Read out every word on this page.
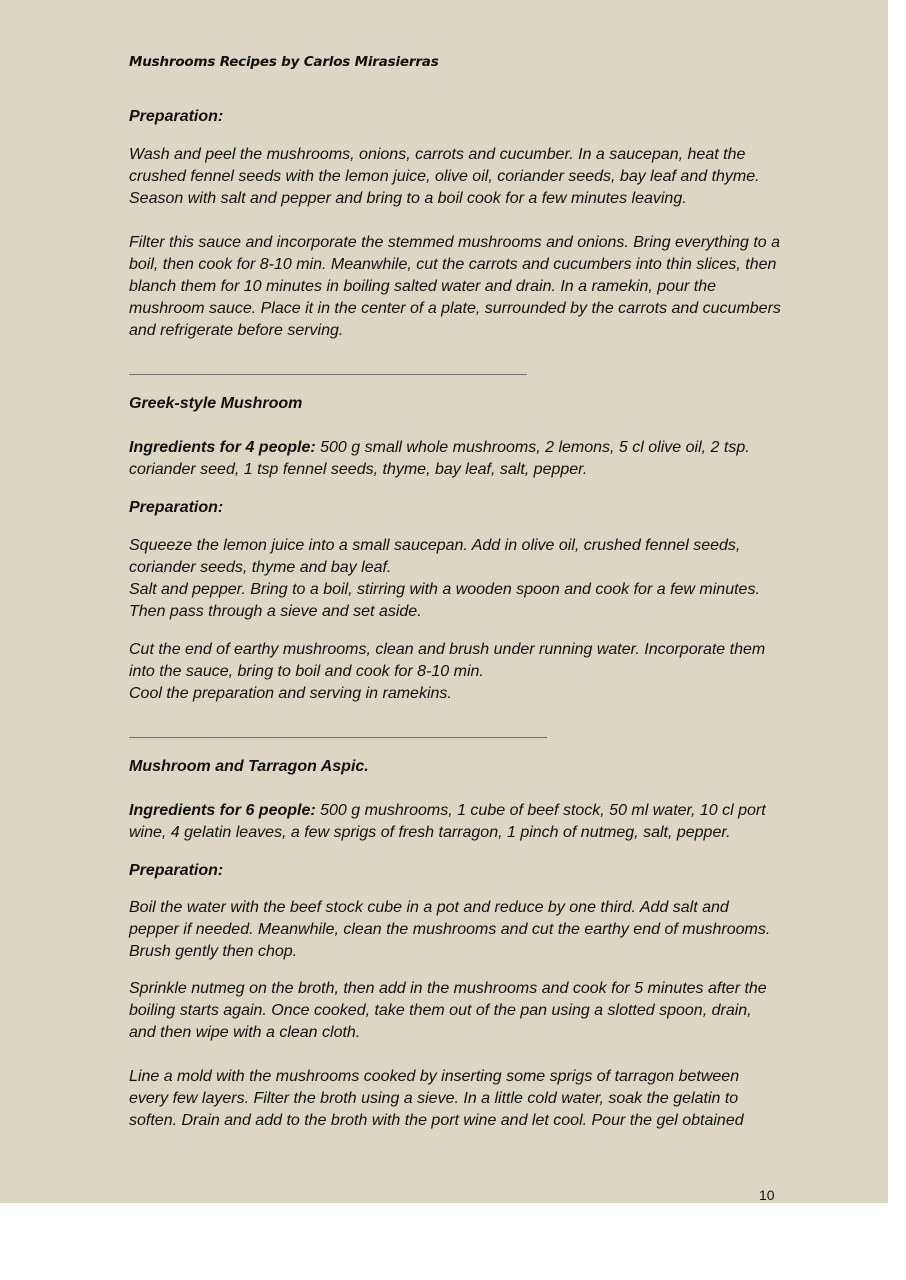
Mushrooms Recipes by Carlos Mirasierras

Preparation:

Wash and peel the mushrooms, onions, carrots and cucumber. In a saucepan, heat the crushed fennel seeds with the lemon juice, olive oil, coriander seeds, bay leaf and thyme. Season with salt and pepper and bring to a boil cook for a few minutes leaving.

Filter this sauce and incorporate the stemmed mushrooms and onions. Bring everything to a boil, then cook for 8-10 min. Meanwhile, cut the carrots and cucumbers into thin slices, then blanch them for 10 minutes in boiling salted water and drain. In a ramekin, pour the mushroom sauce. Place it in the center of a plate, surrounded by the carrots and cucumbers and refrigerate before serving.

Greek-style Mushroom

Ingredients for 4 people: 500 g small whole mushrooms, 2 lemons, 5 cl olive oil, 2 tsp. coriander seed, 1 tsp fennel seeds, thyme, bay leaf, salt, pepper.

Preparation:

Squeeze the lemon juice into a small saucepan. Add in olive oil, crushed fennel seeds, coriander seeds, thyme and bay leaf.

Salt and pepper. Bring to a boil, stirring with a wooden spoon and cook for a few minutes. Then pass through a sieve and set aside.

Cut the end of earthy mushrooms, clean and brush under running water. Incorporate them into the sauce, bring to boil and cook for 8-10 min.

Cool the preparation and serving in ramekins.

Mushroom and Tarragon Aspic.

Ingredients for 6 people: 500 g mushrooms, 1 cube of beef stock, 50 ml water, 10 cl port wine, 4 gelatin leaves, a few sprigs of fresh tarragon, 1 pinch of nutmeg, salt, pepper.

Preparation:

Boil the water with the beef stock cube in a pot and reduce by one third. Add salt and pepper if needed. Meanwhile, clean the mushrooms and cut the earthy end of mushrooms. Brush gently then chop.

Sprinkle nutmeg on the broth, then add in the mushrooms and cook for 5 minutes after the boiling starts again. Once cooked, take them out of the pan using a slotted spoon, drain, and then wipe with a clean cloth.

Line a mold with the mushrooms cooked by inserting some sprigs of tarragon between every few layers. Filter the broth using a sieve. In a little cold water, soak the gelatin to soften. Drain and add to the broth with the port wine and let cool. Pour the gel obtained

10
